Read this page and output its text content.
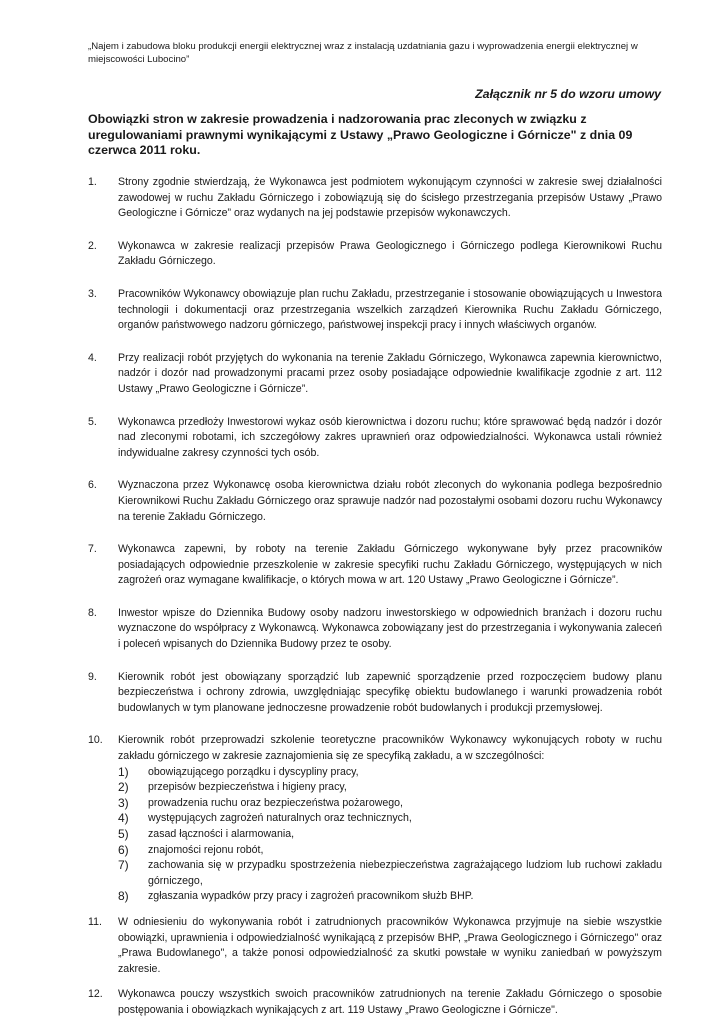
„Najem i zabudowa bloku produkcji energii elektrycznej wraz z instalacją uzdatniania gazu i wyprowadzenia energii elektrycznej w miejscowości Lubocino”
Załącznik nr 5 do wzoru umowy
Obowiązki stron w zakresie prowadzenia i nadzorowania prac zleconych w związku z uregulowaniami prawnymi wynikającymi z Ustawy „Prawo Geologiczne i Górnicze" z dnia 09 czerwca 2011 roku.
1.	Strony zgodnie stwierdzają, że Wykonawca jest podmiotem wykonującym czynności w zakresie swej działalności zawodowej w ruchu Zakładu Górniczego i zobowiązują się do ścisłego przestrzegania przepisów Ustawy „Prawo Geologiczne i Górnicze” oraz wydanych na jej podstawie przepisów wykonawczych.
2.	Wykonawca w zakresie realizacji przepisów Prawa Geologicznego i Górniczego podlega Kierownikowi Ruchu Zakładu Górniczego.
3.	Pracowników Wykonawcy obowiązuje plan ruchu Zakładu, przestrzeganie i stosowanie obowiązujących u Inwestora technologii i dokumentacji oraz przestrzegania wszelkich zarządzeń Kierownika Ruchu Zakładu Górniczego, organów państwowego nadzoru górniczego, państwowej inspekcji pracy i innych właściwych organów.
4.	Przy realizacji robót przyjętych do wykonania na terenie Zakładu Górniczego, Wykonawca zapewnia kierownictwo, nadzór i dozór nad prowadzonymi pracami przez osoby posiadające odpowiednie kwalifikacje zgodnie z art. 112 Ustawy „Prawo Geologiczne i Górnicze”.
5.	Wykonawca przedłoży Inwestorowi wykaz osób kierownictwa i dozoru ruchu; które sprawować będą nadzór i dozór nad zleconymi robotami, ich szczegółowy zakres uprawnień oraz odpowiedzialności. Wykonawca ustali również indywidualne zakresy czynności tych osób.
6.	Wyznaczona przez Wykonawcę osoba kierownictwa działu robót zleconych do wykonania podlega bezpośrednio Kierownikowi Ruchu Zakładu Górniczego oraz sprawuje nadzór nad pozostałymi osobami dozoru ruchu Wykonawcy na terenie Zakładu Górniczego.
7.	Wykonawca zapewni, by roboty na terenie Zakładu Górniczego wykonywane były przez pracowników posiadających odpowiednie przeszkolenie w zakresie specyfiki ruchu Zakładu Górniczego, występujących w nich zagrożeń oraz wymagane kwalifikacje, o których mowa w art. 120 Ustawy „Prawo Geologiczne i Górnicze”.
8.	Inwestor wpisze do Dziennika Budowy osoby nadzoru inwestorskiego w odpowiednich branżach i dozoru ruchu wyznaczone do współpracy z Wykonawcą. Wykonawca zobowiązany jest do przestrzegania i wykonywania zaleceń i poleceń wpisanych do Dziennika Budowy przez te osoby.
9.	Kierownik robót jest obowiązany sporządzić lub zapewnić sporządzenie przed rozpoczęciem budowy planu bezpieczeństwa i ochrony zdrowia, uwzględniając specyfikę obiektu budowlanego i warunki prowadzenia robót budowlanych w tym planowane jednoczesne prowadzenie robót budowlanych i produkcji przemysłowej.
10.	Kierownik robót przeprowadzi szkolenie teoretyczne pracowników Wykonawcy wykonujących roboty w ruchu zakładu górniczego w zakresie zaznajomienia się ze specyfiką zakładu, a w szczególności:
1) obowiązującego porządku i dyscypliny pracy,
2) przepisów bezpieczeństwa i higieny pracy,
3) prowadzenia ruchu oraz bezpieczeństwa pożarowego,
4) występujących zagrożeń naturalnych oraz technicznych,
5) zasad łączności i alarmowania,
6) znajomości rejonu robót,
7) zachowania się w przypadku spostrzeżenia niebezpieczeństwa zagrażającego ludziom lub ruchowi zakładu górniczego,
8) zgłaszania wypadków przy pracy i zagrożeń pracownikom służb BHP.
11.	W odniesieniu do wykonywania robót i zatrudnionych pracowników Wykonawca przyjmuje na siebie wszystkie obowiązki, uprawnienia i odpowiedzialność wynikającą z przepisów BHP, „Prawa Geologicznego i Górniczego" oraz „Prawa Budowlanego", a także ponosi odpowiedzialność za skutki powstałe w wyniku zaniedbań w powyższym zakresie.
12.	Wykonawca pouczy wszystkich swoich pracowników zatrudnionych na terenie Zakładu Górniczego o sposobie postępowania i obowiązkach wynikających z art. 119 Ustawy „Prawo Geologiczne i Górnicze".
